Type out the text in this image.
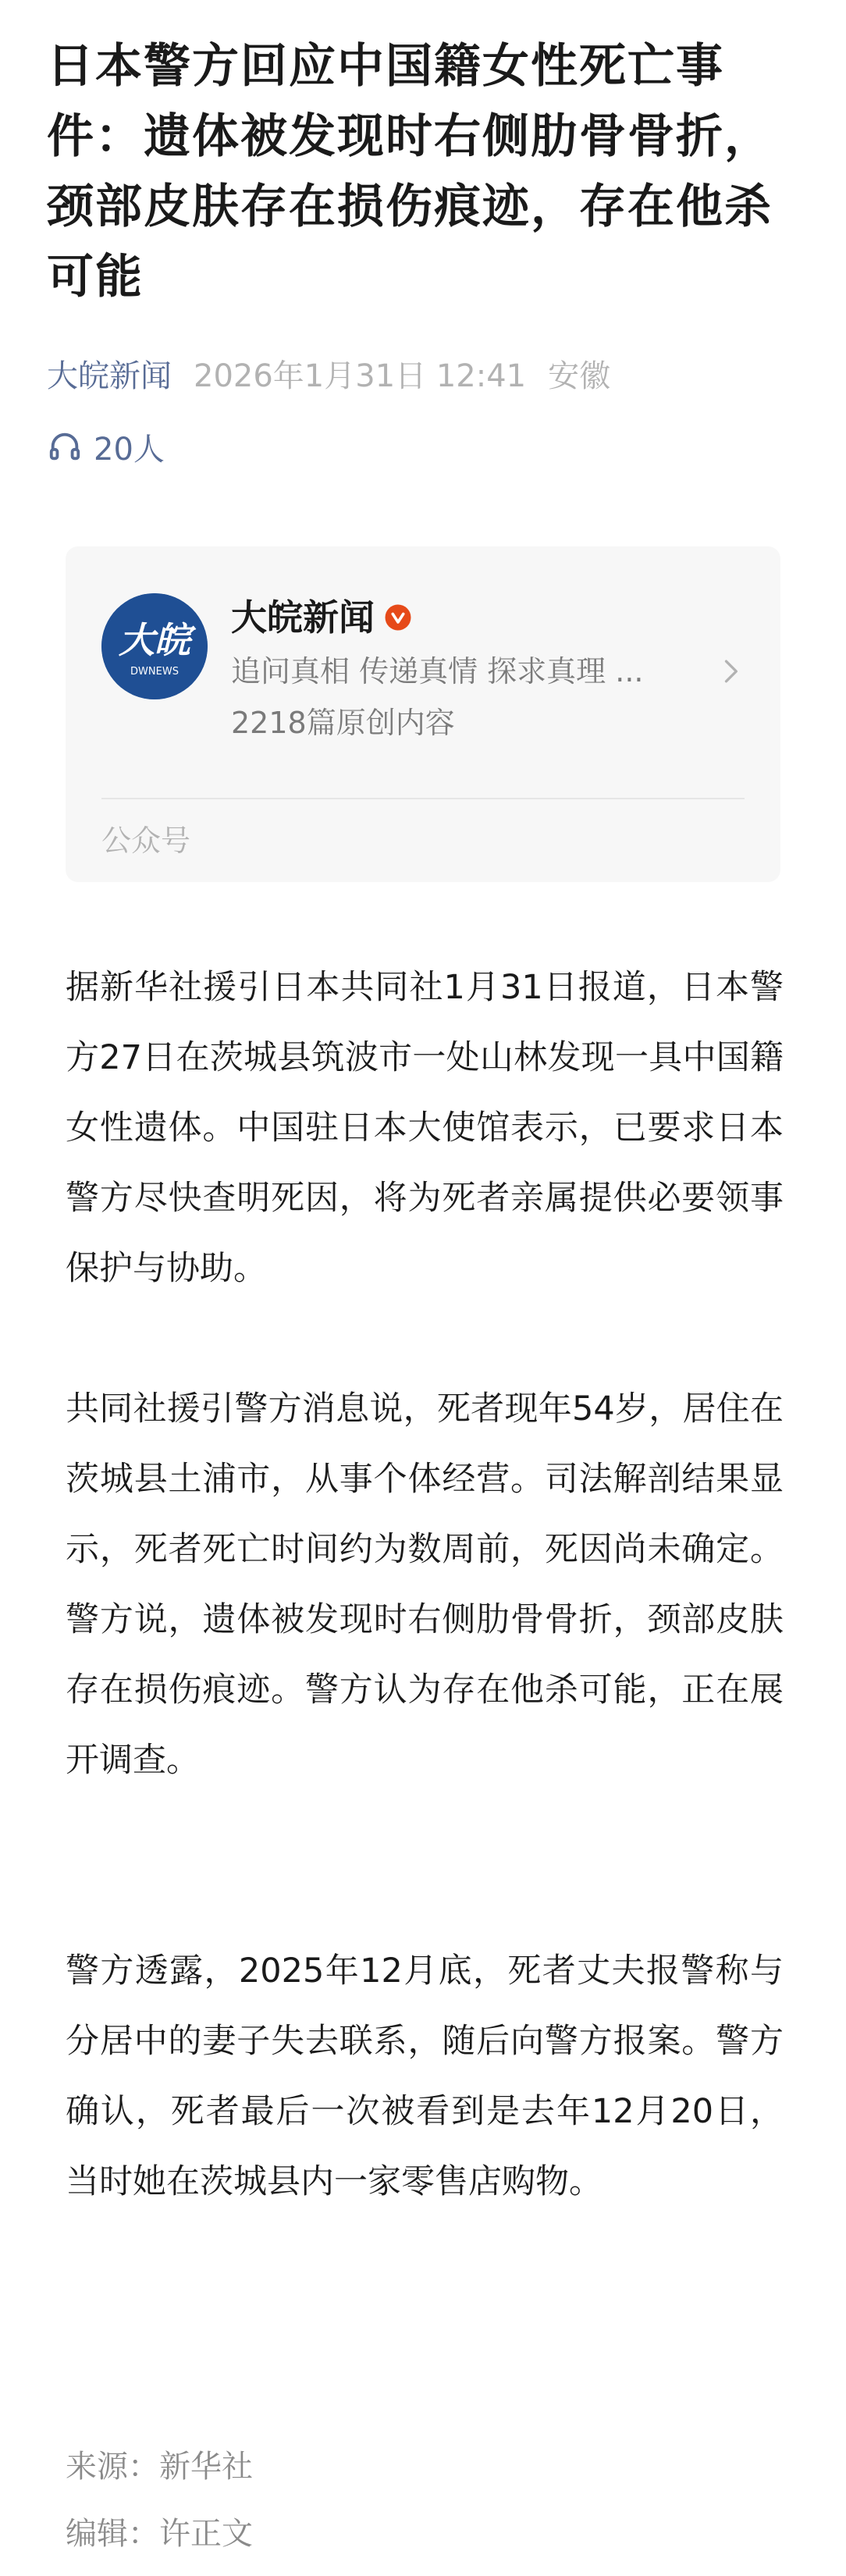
日本警方回应中国籍女性死亡事件：遗体被发现时右侧肋骨骨折，颈部皮肤存在损伤痕迹，存在他杀可能
大皖新闻 2026年1月31日 12:41 安徽
20人
大皖
DWNEWS
大皖新闻
追问真相 传递真情 探求真理 ...
2218篇原创内容
公众号

据新华社援引日本共同社1月31日报道，日本警方27日在茨城县筑波市一处山林发现一具中国籍女性遗体。中国驻日本大使馆表示，已要求日本警方尽快查明死因，将为死者亲属提供必要领事保护与协助。

共同社援引警方消息说，死者现年54岁，居住在茨城县土浦市，从事个体经营。司法解剖结果显示，死者死亡时间约为数周前，死因尚未确定。警方说，遗体被发现时右侧肋骨骨折，颈部皮肤存在损伤痕迹。警方认为存在他杀可能，正在展开调查。

警方透露，2025年12月底，死者丈夫报警称与分居中的妻子失去联系，随后向警方报案。警方确认，死者最后一次被看到是去年12月20日，当时她在茨城县内一家零售店购物。

来源：新华社
编辑：许正文
